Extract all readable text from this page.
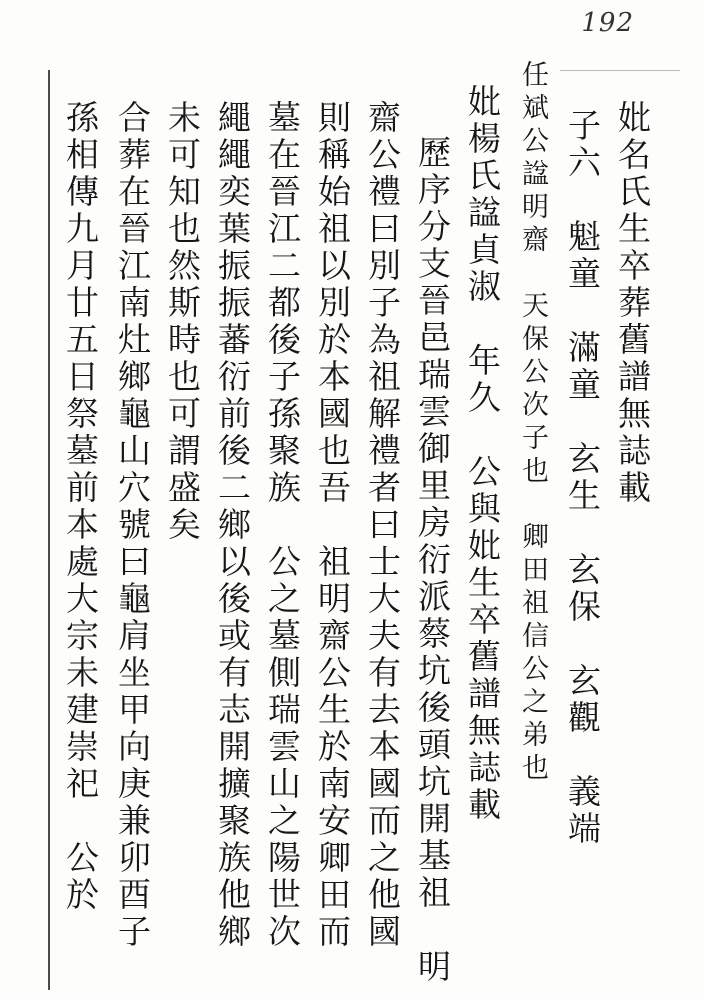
192
妣名氏生卒葬舊譜無誌載
子六　魁童　滿童　玄生　玄保　玄觀　義端
任斌公諡明齋　天保公次子也　卿田祖信公之弟也
妣楊氏諡貞淑　年久　公與妣生卒舊譜無誌載
歷序分支晉邑瑞雲御里房衍派蔡坑後頭坑開基祖　明
齋公禮曰別子為祖解禮者曰士大夫有去本國而之他國
則稱始祖以別於本國也吾　祖明齋公生於南安卿田而
墓在晉江二都後子孫聚族　公之墓側瑞雲山之陽世次
繩繩奕葉振振蕃衍前後二鄉以後或有志開擴聚族他鄉
未可知也然斯時也可謂盛矣
合葬在晉江南灶鄉龜山穴號曰龜肩坐甲向庚兼卯酉子
孫相傳九月廿五日祭墓前本處大宗未建崇祀　公於
